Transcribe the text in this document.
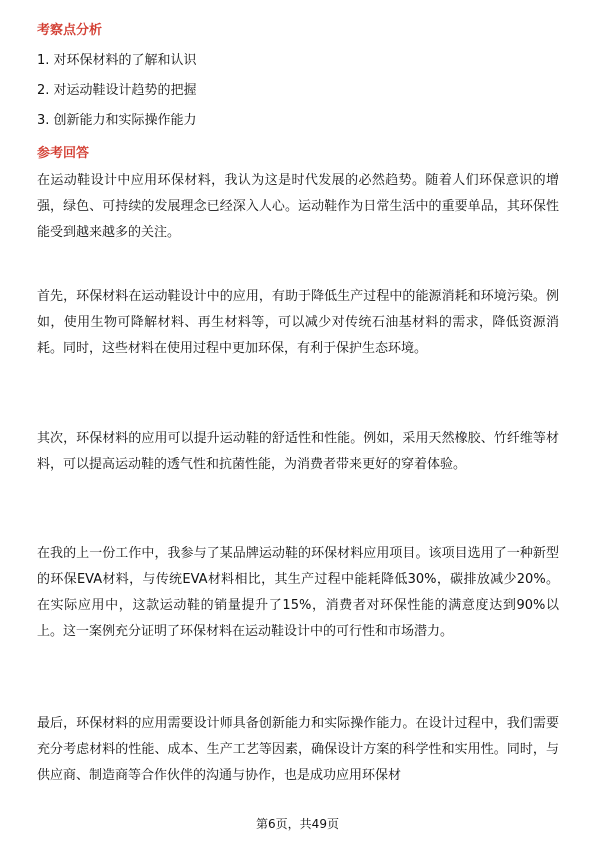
考察点分析
1. 对环保材料的了解和认识
2. 对运动鞋设计趋势的把握
3. 创新能力和实际操作能力
参考回答

在运动鞋设计中应用环保材料，我认为这是时代发展的必然趋势。随着人们环保意识的增强，绿色、可持续的发展理念已经深入人心。运动鞋作为日常生活中的重要单品，其环保性能受到越来越多的关注。

首先，环保材料在运动鞋设计中的应用，有助于降低生产过程中的能源消耗和环境污染。例如，使用生物可降解材料、再生材料等，可以减少对传统石油基材料的需求，降低资源消耗。同时，这些材料在使用过程中更加环保，有利于保护生态环境。

其次，环保材料的应用可以提升运动鞋的舒适性和性能。例如，采用天然橡胶、竹纤维等材料，可以提高运动鞋的透气性和抗菌性能，为消费者带来更好的穿着体验。

在我的上一份工作中，我参与了某品牌运动鞋的环保材料应用项目。该项目选用了一种新型的环保EVA材料，与传统EVA材料相比，其生产过程中能耗降低30%，碳排放减少20%。在实际应用中，这款运动鞋的销量提升了15%，消费者对环保性能的满意度达到90%以上。这一案例充分证明了环保材料在运动鞋设计中的可行性和市场潜力。

最后，环保材料的应用需要设计师具备创新能力和实际操作能力。在设计过程中，我们需要充分考虑材料的性能、成本、生产工艺等因素，确保设计方案的科学性和实用性。同时，与供应商、制造商等合作伙伴的沟通与协作，也是成功应用环保材

第6页，共49页
